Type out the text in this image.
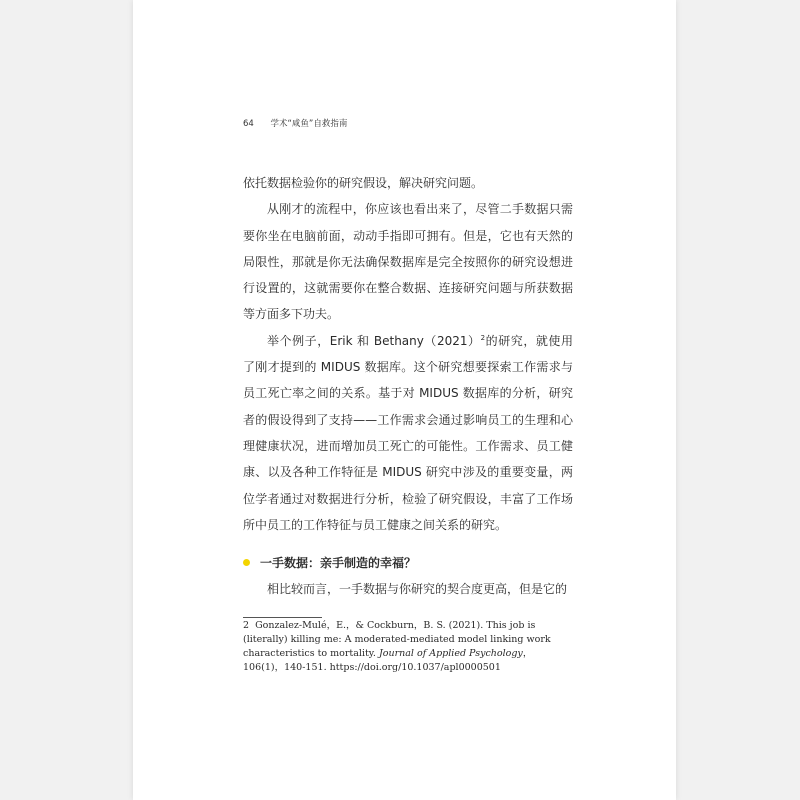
64 学术“咸鱼”自救指南

依托数据检验你的研究假设，解决研究问题。

从刚才的流程中，你应该也看出来了，尽管二手数据只需要你坐在电脑前面，动动手指即可拥有。但是，它也有天然的局限性，那就是你无法确保数据库是完全按照你的研究设想进行设置的，这就需要你在整合数据、连接研究问题与所获数据等方面多下功夫。

举个例子，Erik 和 $Bethany(2021)^2$的研究，就使用了刚才提到的 MIDUS 数据库。这个研究想要探索工作需求与员工死亡率之间的关系。基于对 MIDUS 数据库的分析，研究者的假设得到了支持——工作需求会通过影响员工的生理和心理健康状况，进而增加员工死亡的可能性。工作需求、员工健康、以及各种工作特征是 MIDUS 研究中涉及的重要变量，两位学者通过对数据进行分析，检验了研究假设，丰富了工作场所中员工的工作特征与员工健康之间关系的研究。

一手数据：亲手制造的幸福？

相比较而言，一手数据与你研究的契合度更高，但是它的

2 Gonzalez-Mulé，E.，& Cockburn，B. S. (2021). This job is (literally) killing me: A moderated-mediated model linking work characteristics to mortality. Journal of Applied Psychology，106(1)，140-151. https://doi.org/10.1037/apl0000501
